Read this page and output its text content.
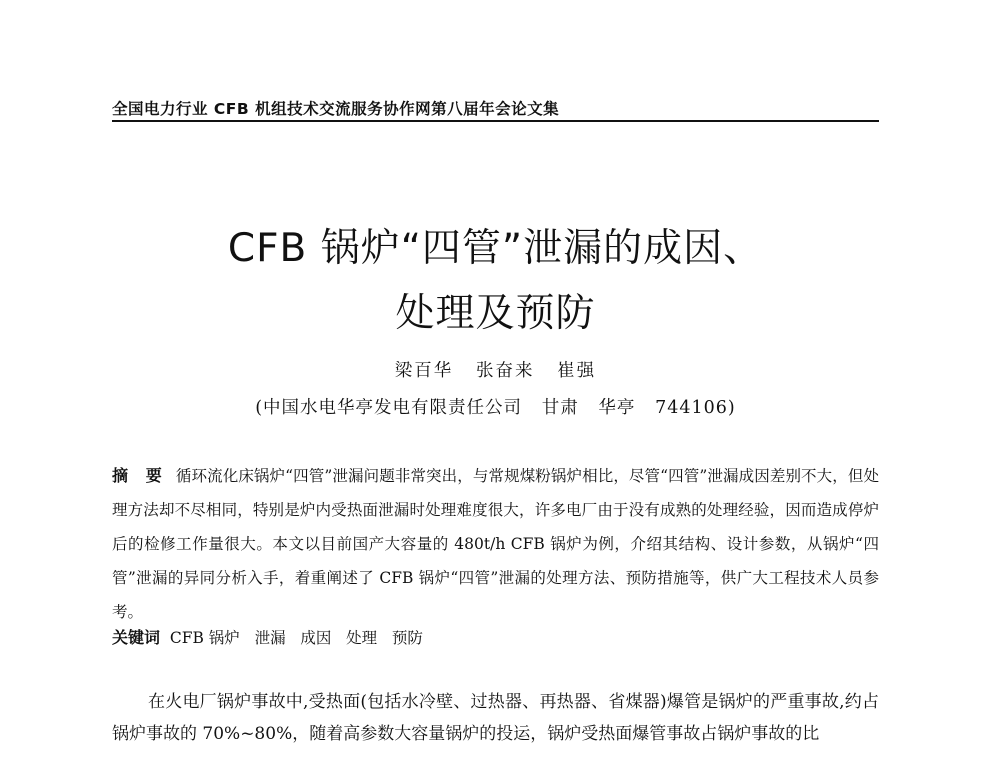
全国电力行业 CFB 机组技术交流服务协作网第八届年会论文集
CFB 锅炉“四管”泄漏的成因、
处理及预防
梁百华   张奋来   崔强
(中国水电华亭发电有限责任公司   甘肃   华亭   744106)
摘 要 循环流化床锅炉“四管”泄漏问题非常突出，与常规煤粉锅炉相比，尽管“四管”泄漏成因差别不大，但处理方法却不尽相同，特别是炉内受热面泄漏时处理难度很大，许多电厂由于没有成熟的处理经验，因而造成停炉后的检修工作量很大。本文以目前国产大容量的 480t/h CFB 锅炉为例，介绍其结构、设计参数，从锅炉“四管”泄漏的异同分析入手，着重阐述了 CFB 锅炉“四管”泄漏的处理方法、预防措施等，供广大工程技术人员参考。
关键词  CFB 锅炉   泄漏   成因   处理   预防
在火电厂锅炉事故中,受热面(包括水冷壁、过热器、再热器、省煤器)爆管是锅炉的严重事故,约占锅炉事故的 70%~80%，随着高参数大容量锅炉的投运，锅炉受热面爆管事故占锅炉事故的比
